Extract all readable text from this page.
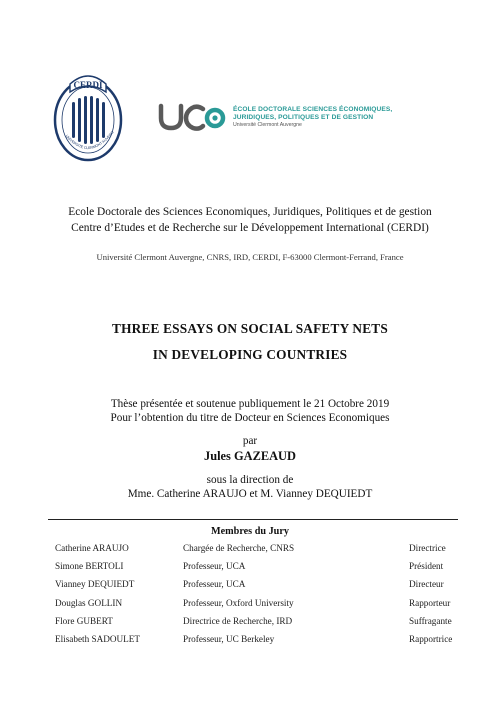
CERDI
UNIVERSITÉ CLERMONT AUVERG
ÉCOLE DOCTORALE SCIENCES ÉCONOMIQUES,
JURIDIQUES, POLITIQUES ET DE GESTION
Université Clermont Auvergne
Ecole Doctorale des Sciences Economiques, Juridiques, Politiques et de gestion
Centre d’Etudes et de Recherche sur le Développement International (CERDI)
Université Clermont Auvergne, CNRS, IRD, CERDI, F-63000 Clermont-Ferrand, France
THREE ESSAYS ON SOCIAL SAFETY NETS
IN DEVELOPING COUNTRIES
Thèse présentée et soutenue publiquement le 21 Octobre 2019
Pour l’obtention du titre de Docteur en Sciences Economiques
par
Jules GAZEAUD
sous la direction de
Mme. Catherine ARAUJO et M. Vianney DEQUIEDT
Membres du Jury
Catherine ARAUJO	Chargée de Recherche, CNRS	Directrice
Simone BERTOLI	Professeur, UCA	Président
Vianney DEQUIEDT	Professeur, UCA	Directeur
Douglas GOLLIN	Professeur, Oxford University	Rapporteur
Flore GUBERT	Directrice de Recherche, IRD	Suffragante
Elisabeth SADOULET	Professeur, UC Berkeley	Rapportrice
